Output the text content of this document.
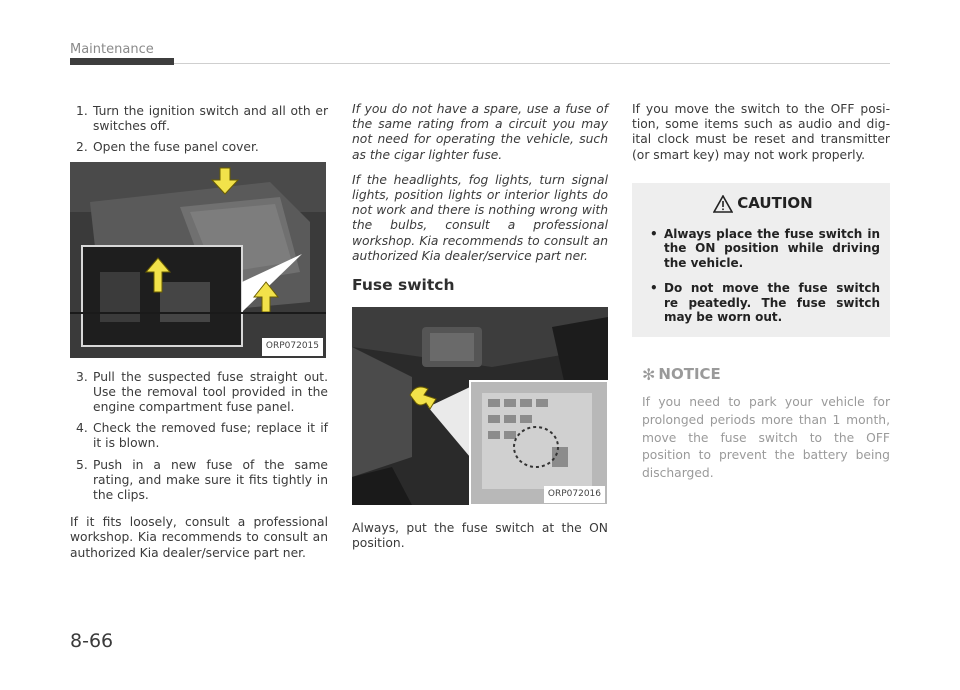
Maintenance
1. Turn the ignition switch and all oth er switches off.
2. Open the fuse panel cover.
ORP072015
3. Pull the suspected fuse straight out. Use the removal tool provided in the engine compartment fuse panel.
4. Check the removed fuse; replace it if it is blown.
5. Push in a new fuse of the same rating, and make sure it fits tightly in the clips.

If it fits loosely, consult a professional workshop. Kia recommends to consult an authorized Kia dealer/service part ner.

If you do not have a spare, use a fuse of the same rating from a circuit you may not need for operating the vehicle, such as the cigar lighter fuse.

If the headlights, fog lights, turn signal lights, position lights or interior lights do not work and there is nothing wrong with the bulbs, consult a professional workshop. Kia recommends to consult an authorized Kia dealer/service part ner.

Fuse switch
ORP072016

Always, put the fuse switch at the ON position.

If you move the switch to the OFF posi tion, some items such as audio and dig ital clock must be reset and transmitter (or smart key) may not work properly.

CAUTION
• Always place the fuse switch in the ON position while driving the vehicle.
• Do not move the fuse switch re peatedly. The fuse switch may be worn out.
✻ NOTICE

If you need to park your vehicle for prolonged periods more than 1 month, move the fuse switch to the OFF position to prevent the battery being discharged.

8-66
